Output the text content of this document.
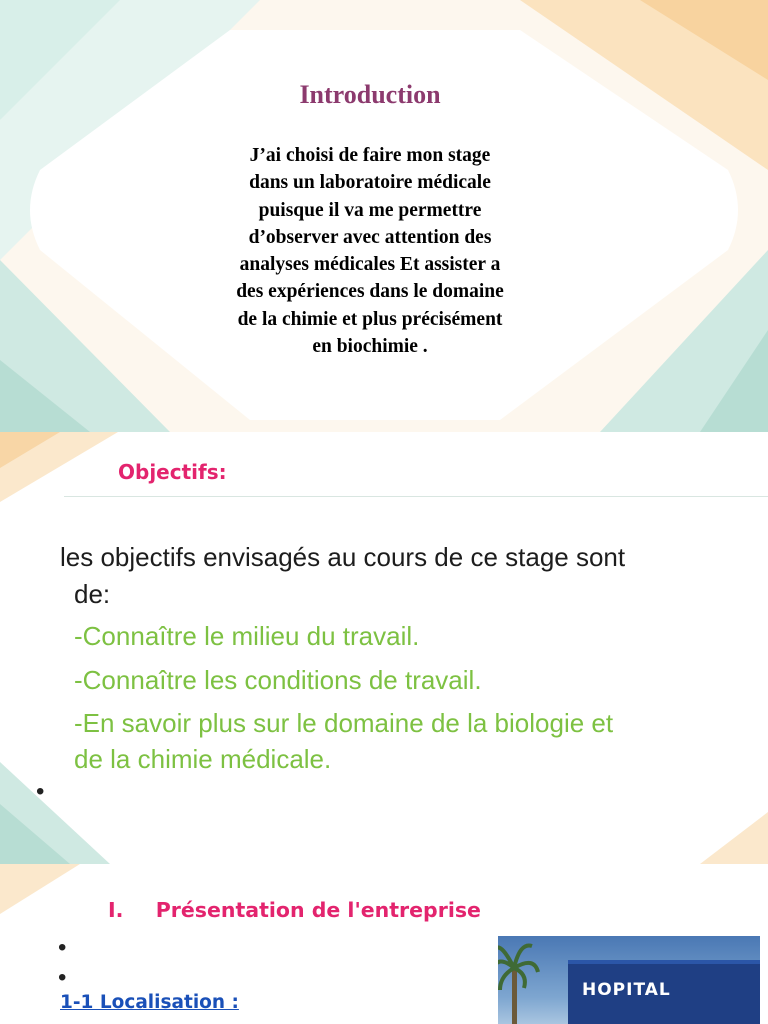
Introduction
J’ai choisi de faire mon stage
dans un laboratoire médicale
puisque il va me permettre
d’observer avec attention des
analyses médicales Et assister a
des expériences dans le domaine
de la chimie et plus précisément
en biochimie .
Objectifs:
les objectifs envisagés au cours de ce stage sont
de:
-Connaître le milieu du travail.
-Connaître les conditions de travail.
-En savoir plus sur le domaine de la biologie et
de la chimie médicale.
•
I. Présentation de l'entreprise
•
•
1-1 Localisation :
HOPITAL
